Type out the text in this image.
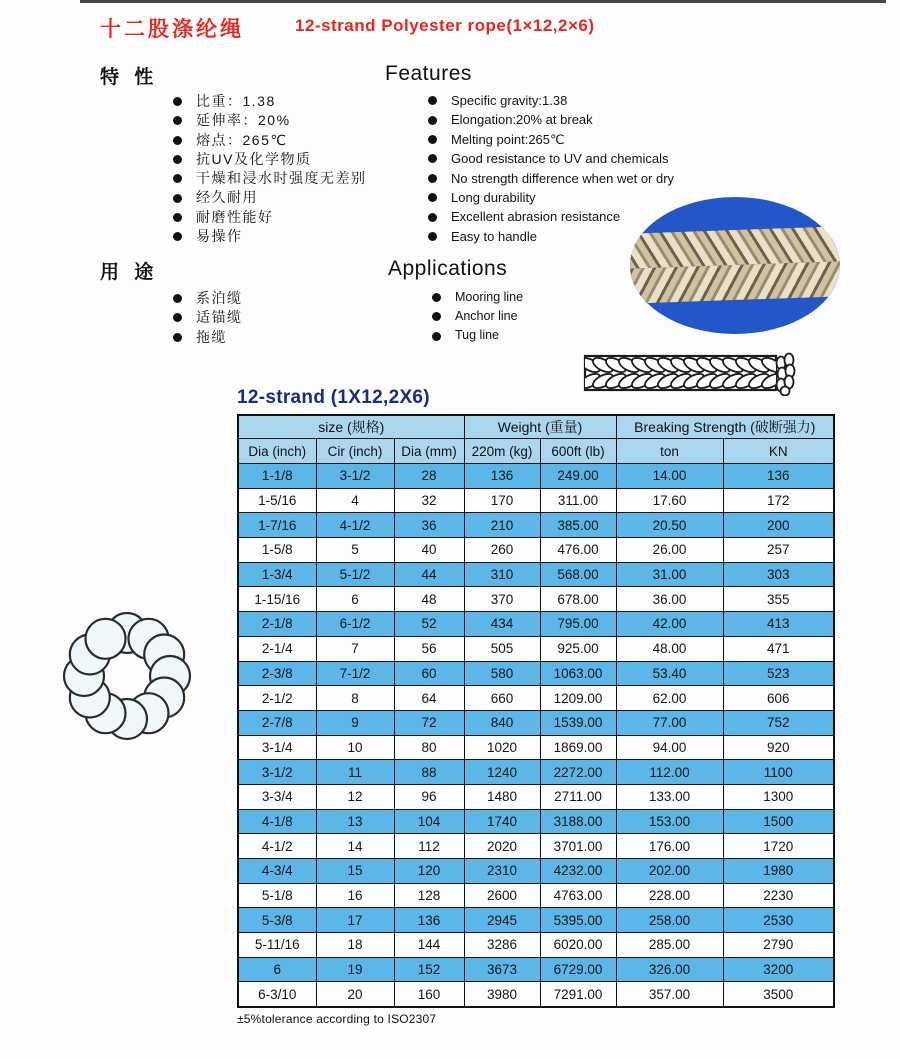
十二股涤纶绳	12-strand Polyester rope(1×12,2×6)
特 性
比重：1.38
延伸率：20%
熔点：265℃
抗UV及化学物质
干燥和浸水时强度无差别
经久耐用
耐磨性能好
易操作
Features
Specific gravity:1.38
Elongation:20% at break
Melting point:265℃
Good resistance to UV and chemicals
No strength difference when wet or dry
Long durability
Excellent abrasion resistance
Easy to handle
用 途
系泊缆
适锚缆
拖缆
Applications
Mooring line
Anchor line
Tug line
12-strand (1X12,2X6)
size (规格)			Weight (重量)		Breaking Strength (破断强力)	
Dia (inch)	Cir (inch)	Dia (mm)	220m (kg)	600ft (lb)	ton	KN
1-1/8	3-1/2	28	136	249.00	14.00	136
1-5/16	4	32	170	311.00	17.60	172
1-7/16	4-1/2	36	210	385.00	20.50	200
1-5/8	5	40	260	476.00	26.00	257
1-3/4	5-1/2	44	310	568.00	31.00	303
1-15/16	6	48	370	678.00	36.00	355
2-1/8	6-1/2	52	434	795.00	42.00	413
2-1/4	7	56	505	925.00	48.00	471
2-3/8	7-1/2	60	580	1063.00	53.40	523
2-1/2	8	64	660	1209.00	62.00	606
2-7/8	9	72	840	1539.00	77.00	752
3-1/4	10	80	1020	1869.00	94.00	920
3-1/2	11	88	1240	2272.00	112.00	1100
3-3/4	12	96	1480	2711.00	133.00	1300
4-1/8	13	104	1740	3188.00	153.00	1500
4-1/2	14	112	2020	3701.00	176.00	1720
4-3/4	15	120	2310	4232.00	202.00	1980
5-1/8	16	128	2600	4763.00	228.00	2230
5-3/8	17	136	2945	5395.00	258.00	2530
5-11/16	18	144	3286	6020.00	285.00	2790
6	19	152	3673	6729.00	326.00	3200
6-3/10	20	160	3980	7291.00	357.00	3500
±5%tolerance according to ISO2307
